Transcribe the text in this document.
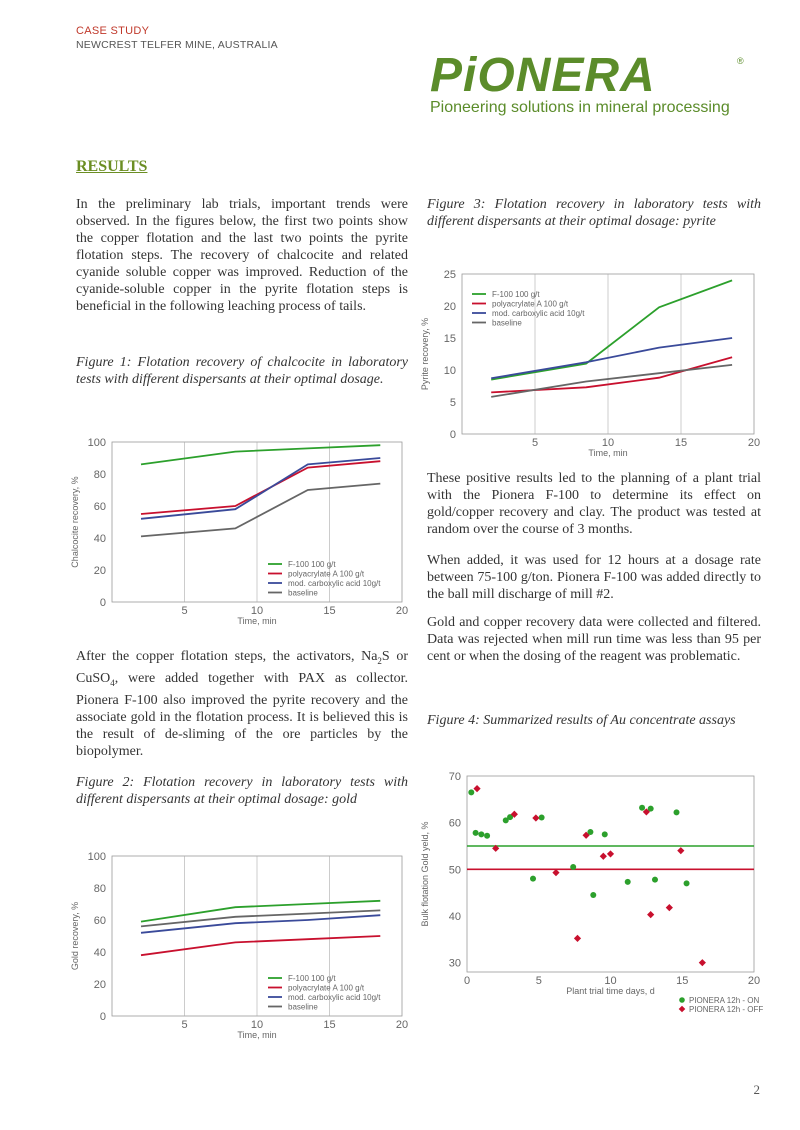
CASE STUDY
NEWCREST TELFER MINE, AUSTRALIA
PiONERA	®
Pioneering solutions in mineral processing
RESULTS
In the preliminary lab trials, important trends were observed. In the figures below, the first two points show the copper flotation and the last two points the pyrite flotation steps. The recovery of chalcocite and related cyanide soluble copper was improved. Reduction of the cyanide-soluble copper in the pyrite flotation steps is beneficial in the following leaching process of tails.
Figure 1: Flotation recovery of chalcocite in laboratory tests with different dispersants at their optimal dosage.
0
20
40
60
80
100
5	10	15	20
Time, min
Chalcocite recovery, %	F-100 100 g/t
polyacrylate A 100 g/t
mod. carboxylic acid 10g/t
baseline
After the copper flotation steps, the activators, $Na_2S$ or CuSO$_4$, were added together with PAX as collector. Pionera F-100 also improved the pyrite recovery and the associate gold in the flotation process. It is believed this is the result of de-sliming of the ore particles by the biopolymer.
Figure 2: Flotation recovery in laboratory tests with different dispersants at their optimal dosage: gold
0
20
40
60
80
100
5	10	15	20
Time, min
Gold recovery, %
F-100 100 g/t
polyacrylate A 100 g/t
mod. carboxylic acid 10g/t
baseline
Figure 3: Flotation recovery in laboratory tests with different dispersants at their optimal dosage: pyrite
0
5
10
15
20
25
5	10	15	20
Time, min
Pyrite recovery, %
F-100 100 g/t
polyacrylate A 100 g/t
mod. carboxylic acid 10g/t
baseline
These positive results led to the planning of a plant trial with the Pionera F-100 to determine its effect on gold/copper recovery and clay. The product was tested at random over the course of 3 months.
When added, it was used for 12 hours at a dosage rate between 75-100 g/ton. Pionera F-100 was added directly to the ball mill discharge of mill #2.
Gold and copper recovery data were collected and filtered. Data was rejected when mill run time was less than 95 per cent or when the dosing of the reagent was problematic.
Figure 4: Summarized results of Au concentrate assays
30
40
50
60
70
0	5	10	15	20
Plant trial time days, d
Bulk flotation Gold yeld, %
PIONERA 12h - ON
PIONERA 12h - OFF
2
